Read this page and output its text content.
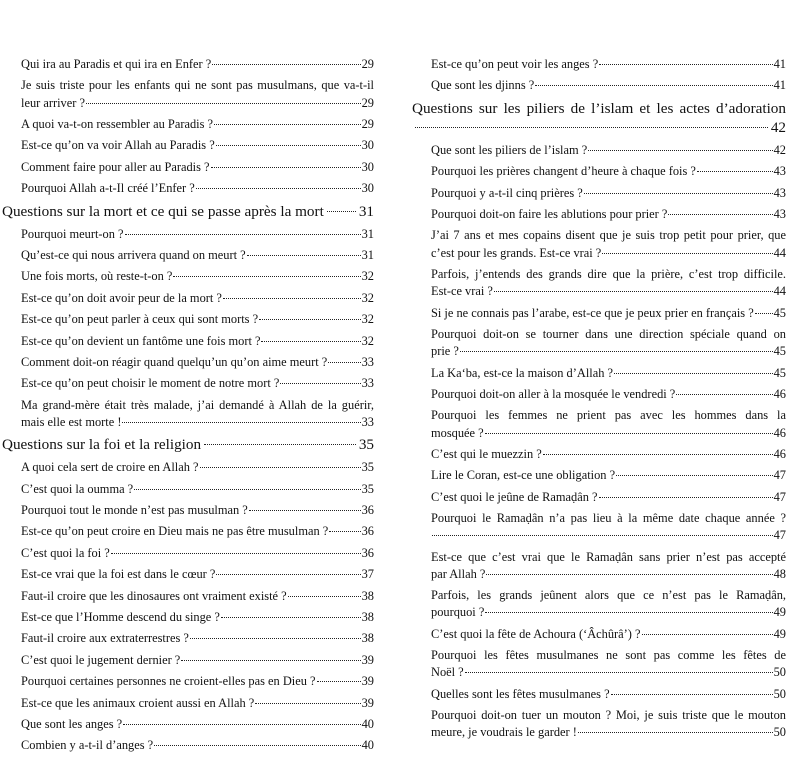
Qui ira au Paradis et qui ira en Enfer ?	29
Je suis triste pour les enfants qui ne sont pas musulmans, que va-t-il
leur arriver ?	29
A quoi va-t-on ressembler au Paradis ?	29
Est-ce qu’on va voir Allah au Paradis ?	30
Comment faire pour aller au Paradis ?	30
Pourquoi Allah a-t-Il créé l’Enfer ?	30
Questions sur la mort et ce qui se passe après la mort 31
Pourquoi meurt-on ?	31
Qu’est-ce qui nous arrivera quand on meurt ?	31
Une fois morts, où reste-t-on ?	32
Est-ce qu’on doit avoir peur de la mort ?	32
Est-ce qu’on peut parler à ceux qui sont morts ?	32
Est-ce qu’on devient un fantôme une fois mort ?	32
Comment doit-on réagir quand quelqu’un qu’on aime meurt ?	33
Est-ce qu’on peut choisir le moment de notre mort ?	33
Ma grand-mère était très malade, j’ai demandé à Allah de la guérir,
mais elle est morte !	33
Questions sur la foi et la religion	35
A quoi cela sert de croire en Allah ?	35
C’est quoi la oumma ?	35
Pourquoi tout le monde n’est pas musulman ?	36
Est-ce qu’on peut croire en Dieu mais ne pas être musulman ?	36
C’est quoi la foi ?	36
Est-ce vrai que la foi est dans le cœur ?	37
Faut-il croire que les dinosaures ont vraiment existé ?	38
Est-ce que l’Homme descend du singe ?	38
Faut-il croire aux extraterrestres ?	38
C’est quoi le jugement dernier ?	39
Pourquoi certaines personnes ne croient-elles pas en Dieu ?	39
Est-ce que les animaux croient aussi en Allah ?	39
Que sont les anges ?	40
Combien y a-t-il d’anges ?	40
Est-ce qu’on peut voir les anges ?	41
Que sont les djinns ?	41
Questions sur les piliers de l’islam et les actes d’adoration
42
Que sont les piliers de l’islam ?	42
Pourquoi les prières changent d’heure à chaque fois ?	43
Pourquoi y a-t-il cinq prières ?	43
Pourquoi doit-on faire les ablutions pour prier ?	43
J’ai 7 ans et mes copains disent que je suis trop petit pour prier, que
c’est pour les grands. Est-ce vrai ?	44
Parfois, j’entends des grands dire que la prière, c’est trop difficile.
Est-ce vrai ?	44
Si je ne connais pas l’arabe, est-ce que je peux prier en français ? 45
Pourquoi doit-on se tourner dans une direction spéciale quand on
prie ?	45
La Ka‘ba, est-ce la maison d’Allah ?	45
Pourquoi doit-on aller à la mosquée le vendredi ?	46
Pourquoi les femmes ne prient pas avec les hommes dans la
mosquée ?	46
C’est qui le muezzin ?	46
Lire le Coran, est-ce une obligation ?	47
C’est quoi le jeûne de Ramaḍân ?	47
Pourquoi le Ramaḍân n’a pas lieu à la même date chaque année ?
47
Est-ce que c’est vrai que le Ramaḍân sans prier n’est pas accepté
par Allah ?	48
Parfois, les grands jeûnent alors que ce n’est pas le Ramaḍân,
pourquoi ?	49
C’est quoi la fête de Achoura (‘Âchûrâ’) ?	49
Pourquoi les fêtes musulmanes ne sont pas comme les fêtes de
Noël ?	50
Quelles sont les fêtes musulmanes ?	50
Pourquoi doit-on tuer un mouton ? Moi, je suis triste que le mouton
meure, je voudrais le garder !	50
